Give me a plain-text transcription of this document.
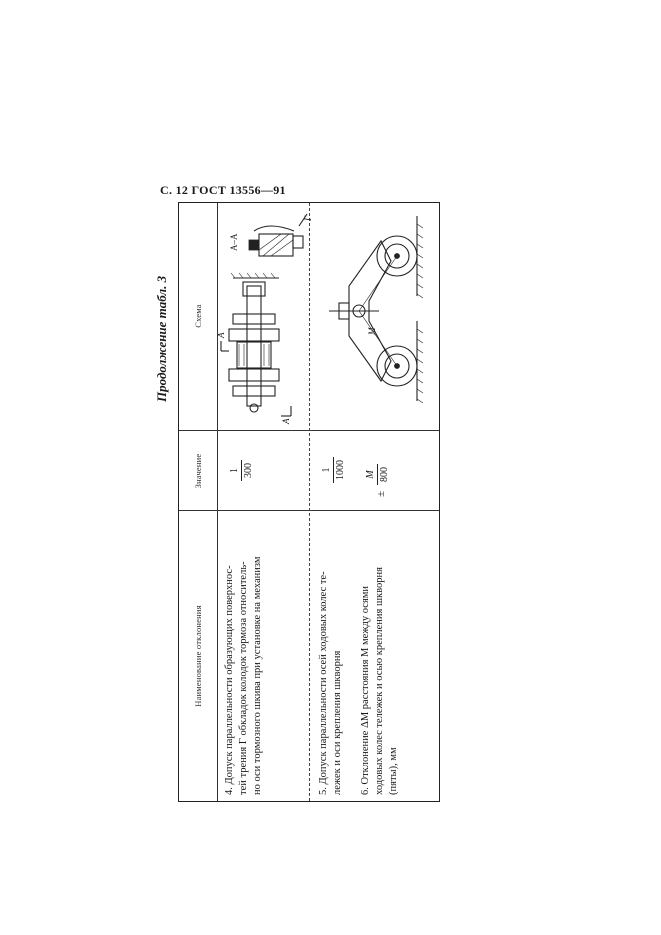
С. 12 ГОСТ 13556—91
Продолжение табл. 3
Наименование отклонения
Значение
Схема
4. Допуск параллельности образующих поверхнос- тей трения Г обкладок колодок тормоза относитель- но оси тормозного шкива при установке на механизм
1 300
А
А
А–А
Г
5. Допуск параллельности осей ходовых колес те- лежек и оси крепления шкворня 6. Отклонение ΔM расстояния M между осями ходовых колес тележек и осью крепления шкворня (пяты), мм
1 1000
±
M 800
M
